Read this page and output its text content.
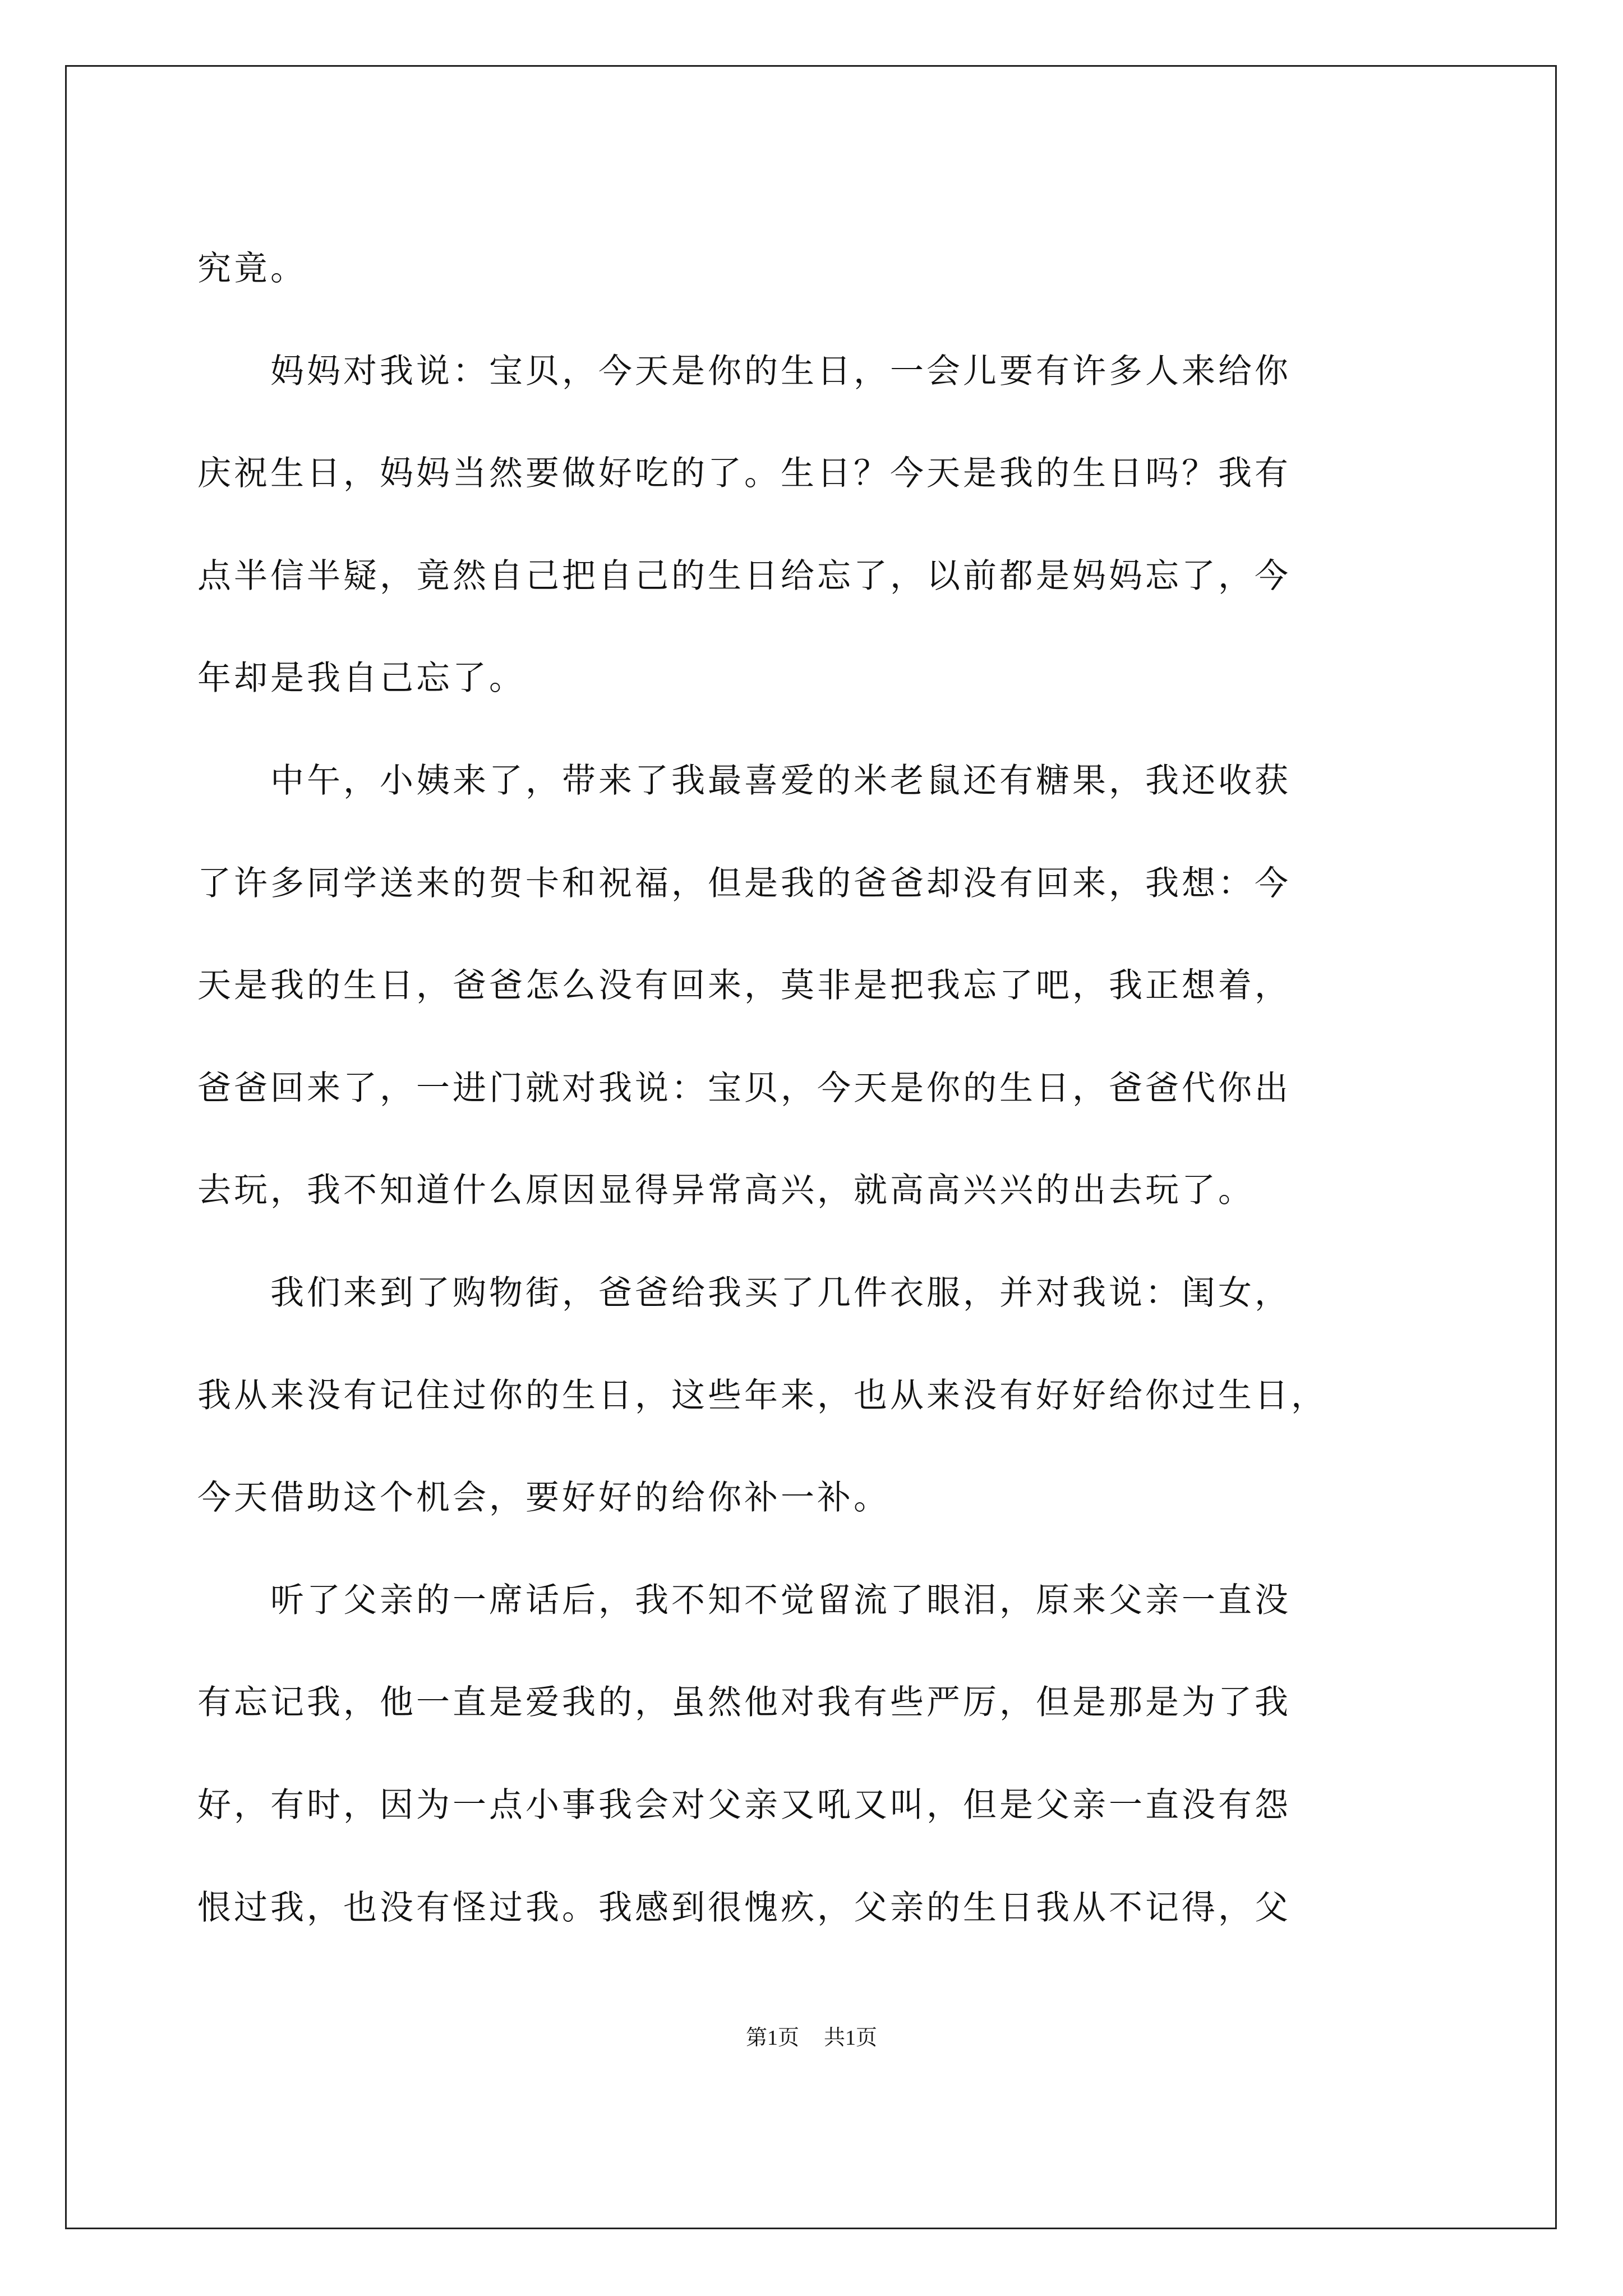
究竟。
　　妈妈对我说：宝贝，今天是你的生日，一会儿要有许多人来给你
庆祝生日，妈妈当然要做好吃的了。生日？今天是我的生日吗？我有
点半信半疑，竟然自己把自己的生日给忘了，以前都是妈妈忘了，今
年却是我自己忘了。
　　中午，小姨来了，带来了我最喜爱的米老鼠还有糖果，我还收获
了许多同学送来的贺卡和祝福，但是我的爸爸却没有回来，我想：今
天是我的生日，爸爸怎么没有回来，莫非是把我忘了吧，我正想着，
爸爸回来了，一进门就对我说：宝贝，今天是你的生日，爸爸代你出
去玩，我不知道什么原因显得异常高兴，就高高兴兴的出去玩了。
　　我们来到了购物街，爸爸给我买了几件衣服，并对我说：闺女，
我从来没有记住过你的生日，这些年来，也从来没有好好给你过生日，
今天借助这个机会，要好好的给你补一补。
　　听了父亲的一席话后，我不知不觉留流了眼泪，原来父亲一直没
有忘记我，他一直是爱我的，虽然他对我有些严厉，但是那是为了我
好，有时，因为一点小事我会对父亲又吼又叫，但是父亲一直没有怨
恨过我，也没有怪过我。我感到很愧疚，父亲的生日我从不记得，父
第1页 共1页
